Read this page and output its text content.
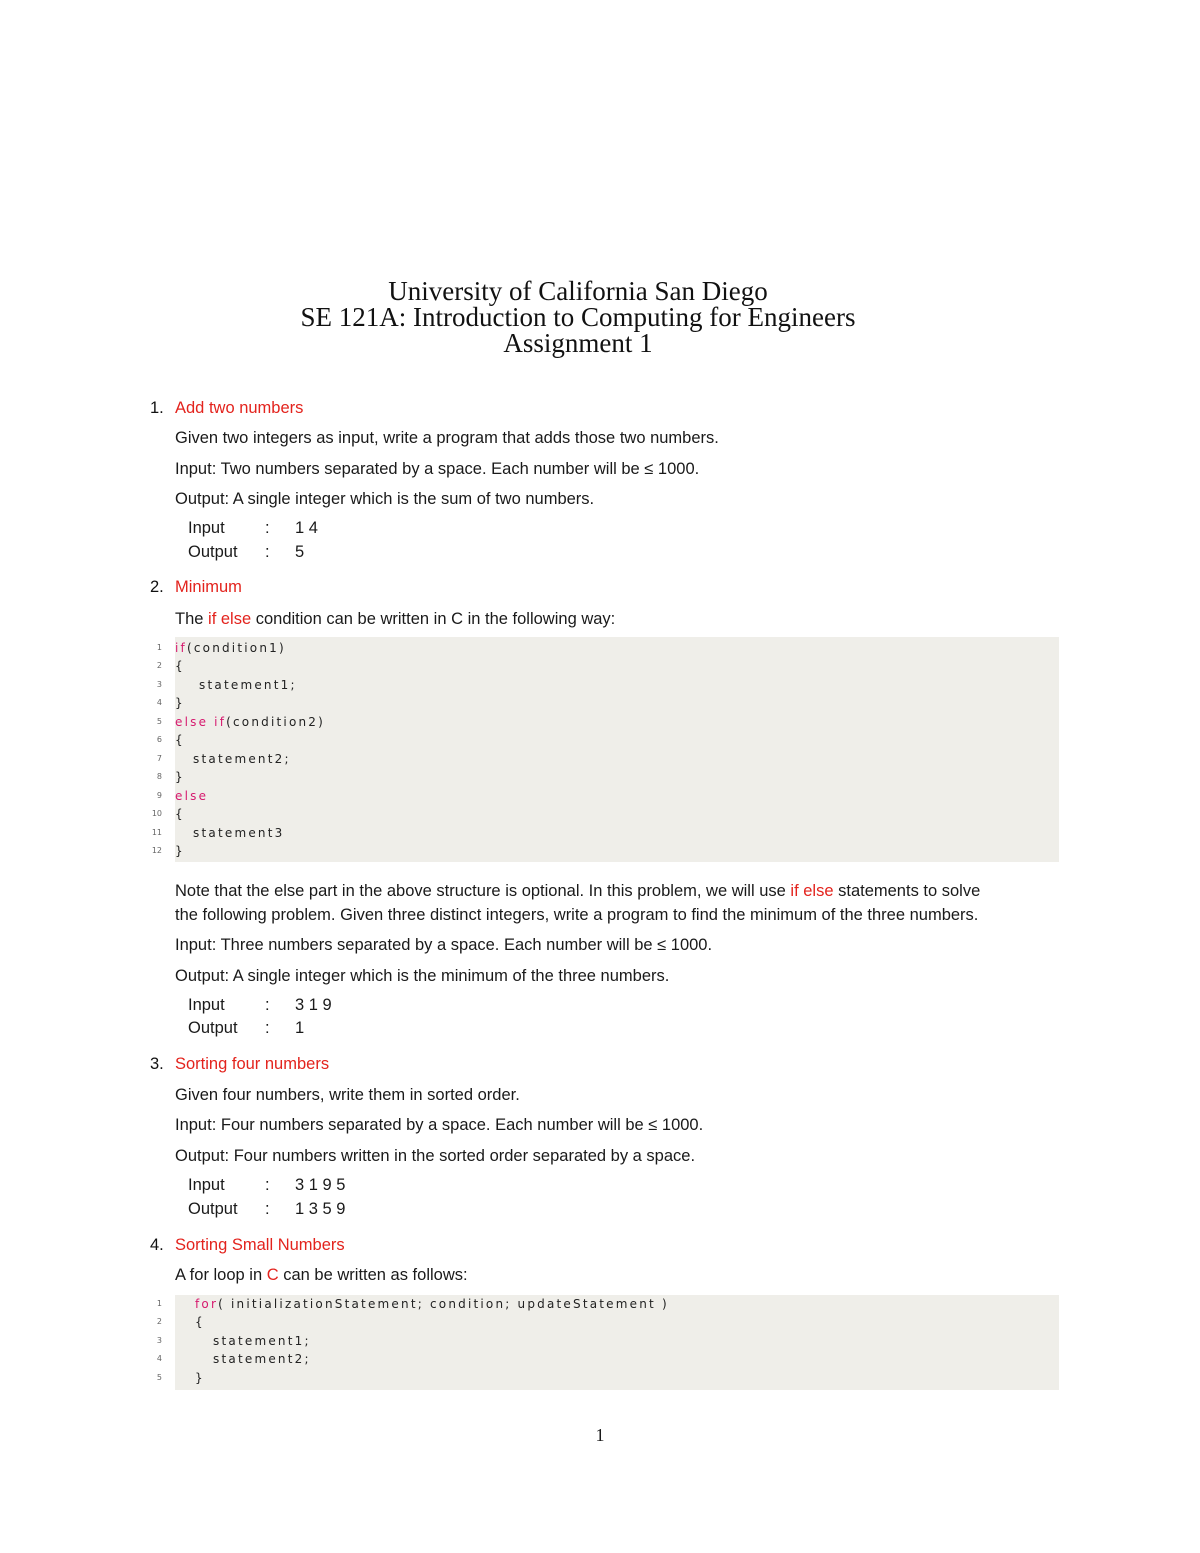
University of California San Diego
SE 121A: Introduction to Computing for Engineers
Assignment 1
1. Add two numbers
Given two integers as input, write a program that adds those two numbers.
Input: Two numbers separated by a space. Each number will be ≤ 1000.
Output: A single integer which is the sum of two numbers.
Input : 1 4
Output : 5
2. Minimum
The if else condition can be written in C in the following way:
1 if(condition1)
2 {
3 statement1;
4 }
5 else if(condition2)
6 {
7 statement2;
8 }
9 else
10 {
11 statement3
12 }
Note that the else part in the above structure is optional. In this problem, we will use if else statements to solve
the following problem. Given three distinct integers, write a program to find the minimum of the three numbers.
Input: Three numbers separated by a space. Each number will be ≤ 1000.
Output: A single integer which is the minimum of the three numbers.
Input : 3 1 9
Output : 1
3. Sorting four numbers
Given four numbers, write them in sorted order.
Input: Four numbers separated by a space. Each number will be ≤ 1000.
Output: Four numbers written in the sorted order separated by a space.
Input : 3 1 9 5
Output : 1 3 5 9
4. Sorting Small Numbers
A for loop in C can be written as follows:
1	for( initializationStatement; condition; updateStatement )
2	{
3	statement1;
4	statement2;
5	}
1
